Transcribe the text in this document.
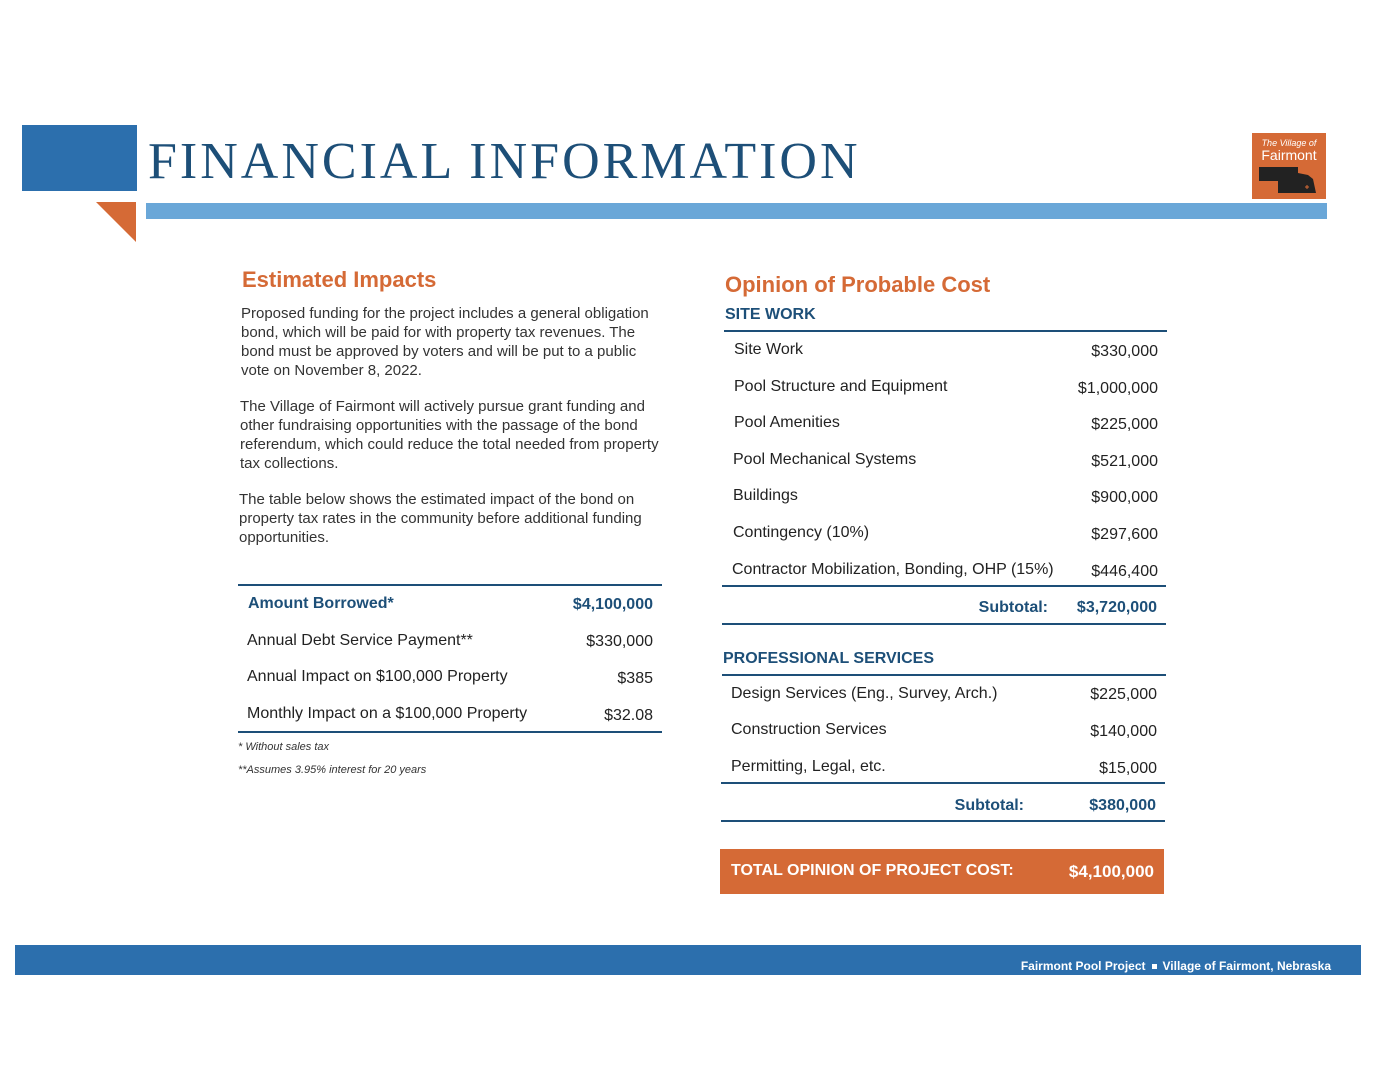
FINANCIAL INFORMATION	The Village of
Fairmont
Estimated Impacts
Proposed funding for the project includes a general obligation bond, which will be paid for with property tax revenues. The bond must be approved by voters and will be put to a public vote on November 8, 2022.
The Village of Fairmont will actively pursue grant funding and other fundraising opportunities with the passage of the bond referendum, which could reduce the total needed from property tax collections.
The table below shows the estimated impact of the bond on property tax rates in the community before additional funding opportunities.
Amount Borrowed*	$4,100,000
Annual Debt Service Payment**	$330,000
Annual Impact on $100,000 Property	$385
Monthly Impact on a $100,000 Property	$32.08
* Without sales tax
**Assumes 3.95% interest for 20 years
Opinion of Probable Cost
SITE WORK
Site Work	$330,000
Pool Structure and Equipment	$1,000,000
Pool Amenities	$225,000
Pool Mechanical Systems	$521,000
Buildings	$900,000
Contingency (10%)	$297,600
Contractor Mobilization, Bonding, OHP (15%)	$446,400
Subtotal:	$3,720,000
PROFESSIONAL SERVICES
Design Services (Eng., Survey, Arch.)	$225,000
Construction Services	$140,000
Permitting, Legal, etc.	$15,000
Subtotal:	$380,000
TOTAL OPINION OF PROJECT COST:	$4,100,000
Fairmont Pool Project Village of Fairmont, Nebraska
